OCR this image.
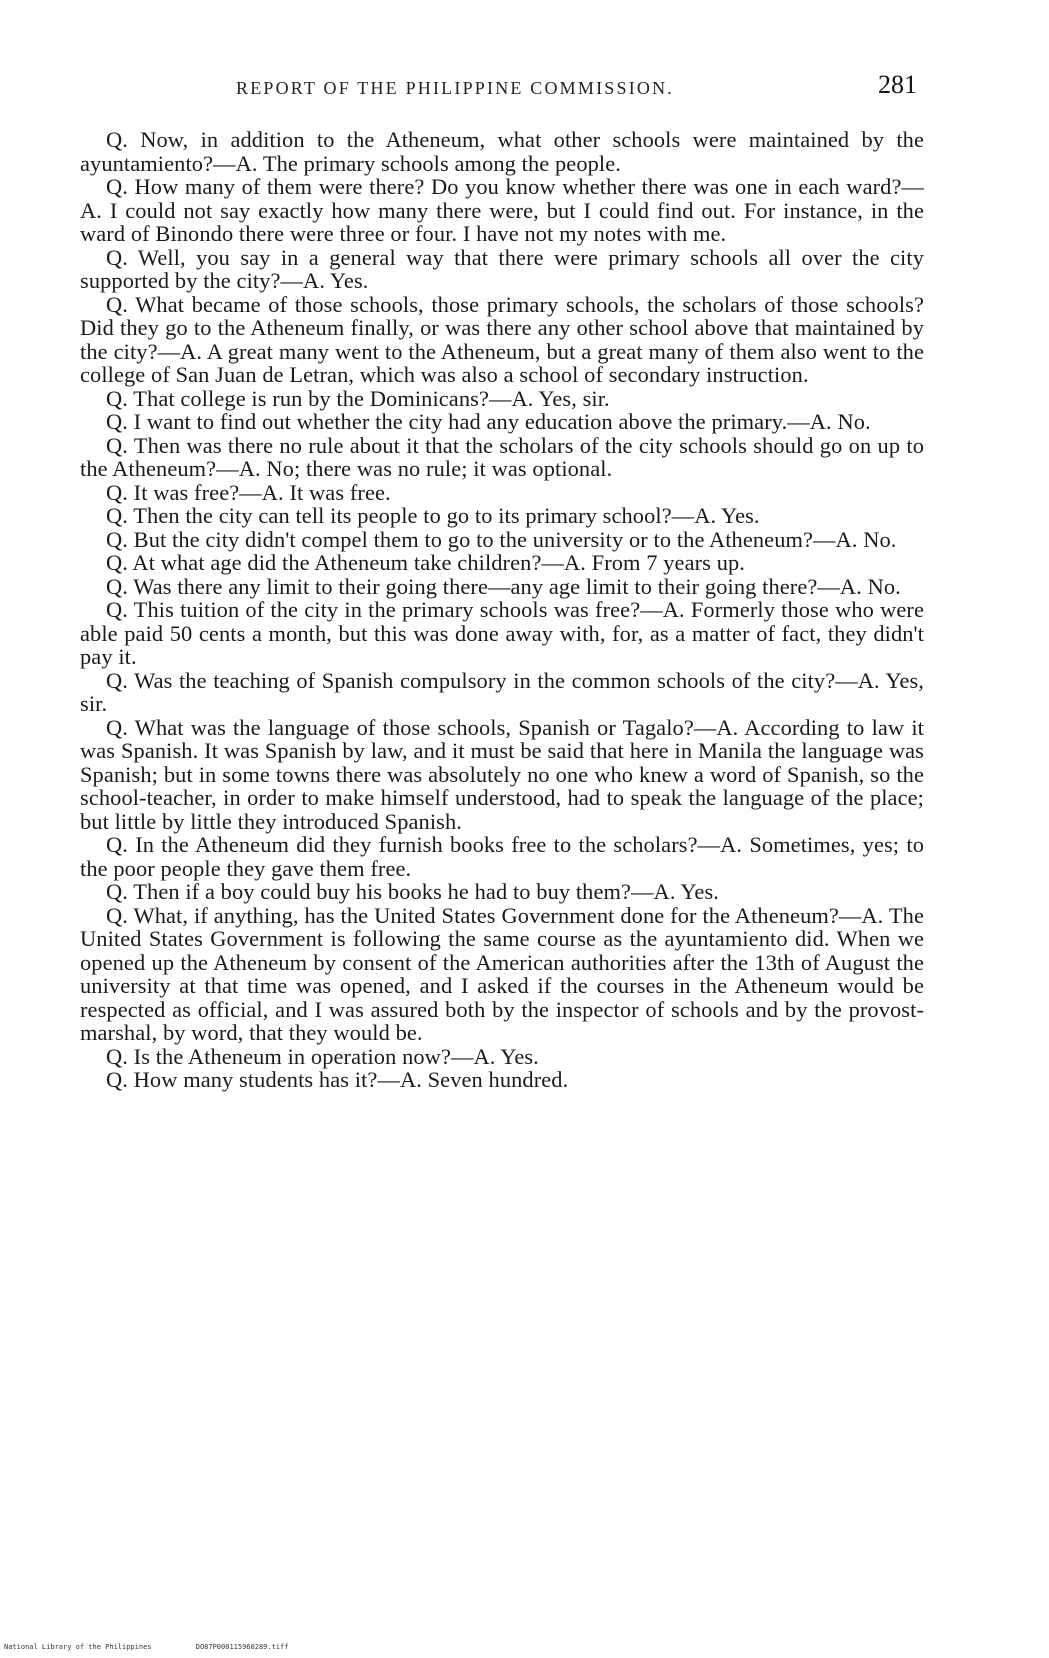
REPORT OF THE PHILIPPINE COMMISSION.	281

Q. Now, in addition to the Atheneum, what other schools were maintained by the ayuntamiento?—A. The primary schools among the people.

Q. How many of them were there? Do you know whether there was one in each ward?—A. I could not say exactly how many there were, but I could find out. For instance, in the ward of Binondo there were three or four. I have not my notes with me.

Q. Well, you say in a general way that there were primary schools all over the city supported by the city?—A. Yes.

Q. What became of those schools, those primary schools, the scholars of those schools? Did they go to the Atheneum finally, or was there any other school above that maintained by the city?—A. A great many went to the Atheneum, but a great many of them also went to the college of San Juan de Letran, which was also a school of secondary instruction.

Q. That college is run by the Dominicans?—A. Yes, sir.

Q. I want to find out whether the city had any education above the primary.—A. No.

Q. Then was there no rule about it that the scholars of the city schools should go on up to the Atheneum?—A. No; there was no rule; it was optional.

Q. It was free?—A. It was free.

Q. Then the city can tell its people to go to its primary school?—A. Yes.

Q. But the city didn't compel them to go to the university or to the Atheneum?—A. No.

Q. At what age did the Atheneum take children?—A. From 7 years up.

Q. Was there any limit to their going there—any age limit to their going there?—A. No.

Q. This tuition of the city in the primary schools was free?—A. Formerly those who were able paid 50 cents a month, but this was done away with, for, as a matter of fact, they didn't pay it.

Q. Was the teaching of Spanish compulsory in the common schools of the city?—A. Yes, sir.

Q. What was the language of those schools, Spanish or Tagalo?—A. According to law it was Spanish. It was Spanish by law, and it must be said that here in Manila the language was Spanish; but in some towns there was absolutely no one who knew a word of Spanish, so the school-teacher, in order to make himself understood, had to speak the language of the place; but little by little they introduced Spanish.

Q. In the Atheneum did they furnish books free to the scholars?—A. Sometimes, yes; to the poor people they gave them free.

Q. Then if a boy could buy his books he had to buy them?—A. Yes.

Q. What, if anything, has the United States Government done for the Atheneum?—A. The United States Government is following the same course as the ayuntamiento did. When we opened up the Atheneum by consent of the American authorities after the 13th of August the university at that time was opened, and I asked if the courses in the Atheneum would be respected as official, and I was assured both by the inspector of schools and by the provost-marshal, by word, that they would be.

Q. Is the Atheneum in operation now?—A. Yes.

Q. How many students has it?—A. Seven hundred.

National Library of the Philippines	DO87P000115960289.tiff
